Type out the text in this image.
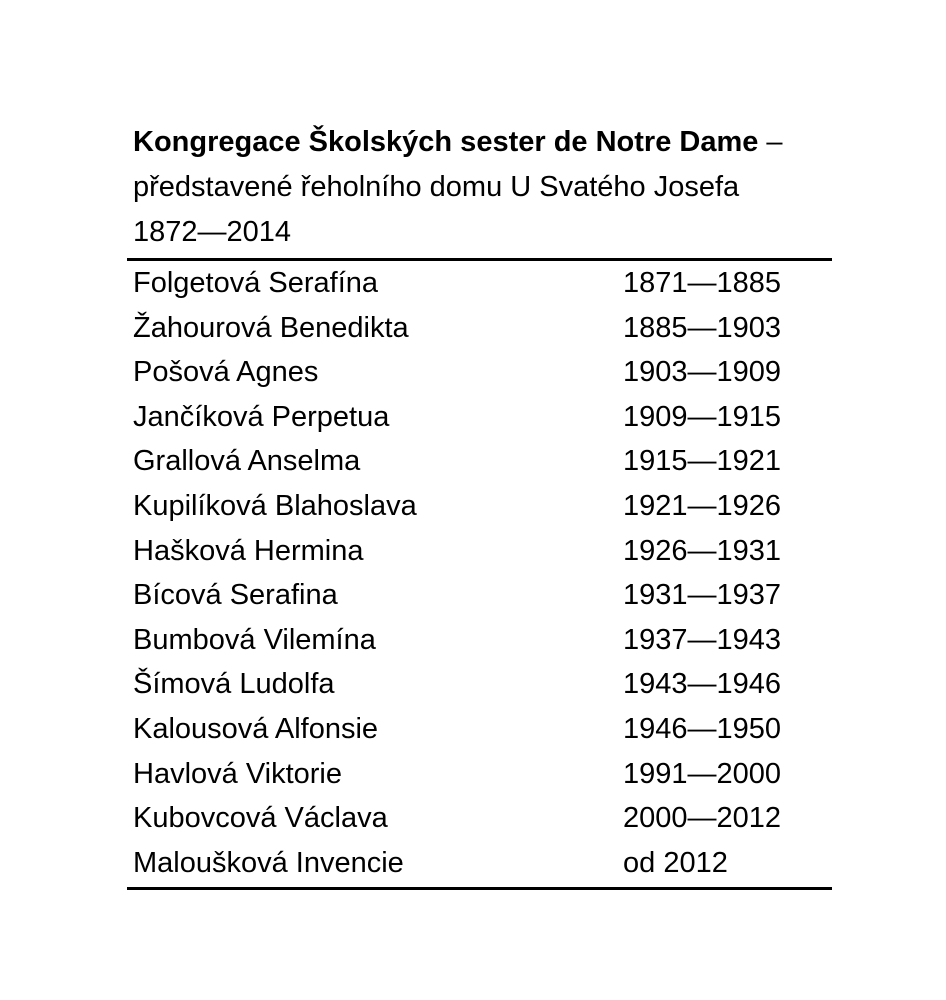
Kongregace Školských sester de Notre Dame –
představené řeholního domu U Svatého Josefa
1872—2014
Folgetová Serafína	1871—1885
Žahourová Benedikta	1885—1903
Pošová Agnes	1903—1909
Jančíková Perpetua	1909—1915
Grallová Anselma	1915—1921
Kupilíková Blahoslava	1921—1926
Hašková Hermina	1926—1931
Bícová Serafina	1931—1937
Bumbová Vilemína	1937—1943
Šímová Ludolfa	1943—1946
Kalousová Alfonsie	1946—1950
Havlová Viktorie	1991—2000
Kubovcová Václava	2000—2012
Maloušková Invencie	od 2012
